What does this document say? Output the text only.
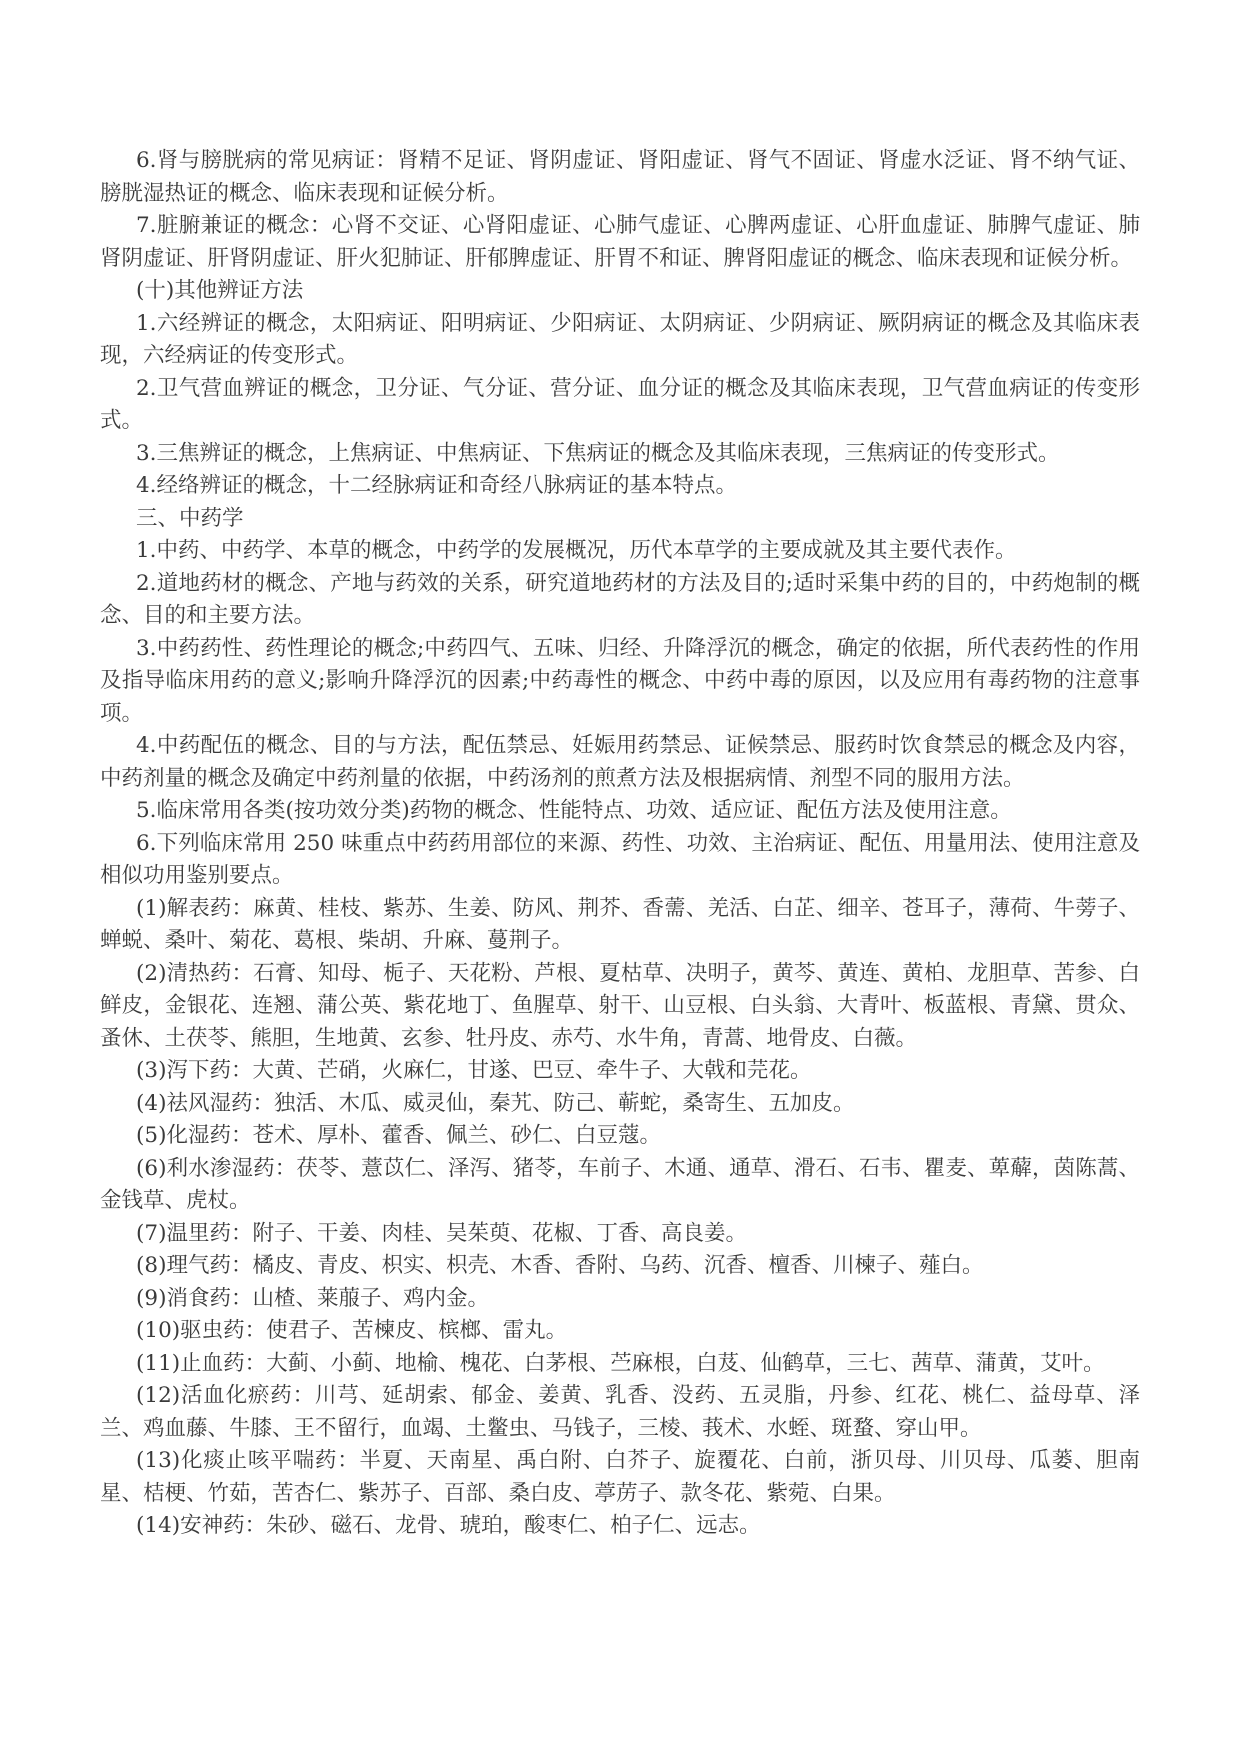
6.肾与膀胱病的常见病证：肾精不足证、肾阴虚证、肾阳虚证、肾气不固证、肾虚水泛证、肾不纳气证、膀胱湿热证的概念、临床表现和证候分析。

7.脏腑兼证的概念：心肾不交证、心肾阳虚证、心肺气虚证、心脾两虚证、心肝血虚证、肺脾气虚证、肺肾阴虚证、肝肾阴虚证、肝火犯肺证、肝郁脾虚证、肝胃不和证、脾肾阳虚证的概念、临床表现和证候分析。

(十)其他辨证方法

1.六经辨证的概念，太阳病证、阳明病证、少阳病证、太阴病证、少阴病证、厥阴病证的概念及其临床表现，六经病证的传变形式。

2.卫气营血辨证的概念，卫分证、气分证、营分证、血分证的概念及其临床表现，卫气营血病证的传变形式。

3.三焦辨证的概念，上焦病证、中焦病证、下焦病证的概念及其临床表现，三焦病证的传变形式。

4.经络辨证的概念，十二经脉病证和奇经八脉病证的基本特点。

三、中药学

1.中药、中药学、本草的概念，中药学的发展概况，历代本草学的主要成就及其主要代表作。

2.道地药材的概念、产地与药效的关系，研究道地药材的方法及目的;适时采集中药的目的，中药炮制的概念、目的和主要方法。

3.中药药性、药性理论的概念;中药四气、五味、归经、升降浮沉的概念，确定的依据，所代表药性的作用及指导临床用药的意义;影响升降浮沉的因素;中药毒性的概念、中药中毒的原因，以及应用有毒药物的注意事项。

4.中药配伍的概念、目的与方法，配伍禁忌、妊娠用药禁忌、证候禁忌、服药时饮食禁忌的概念及内容，中药剂量的概念及确定中药剂量的依据，中药汤剂的煎煮方法及根据病情、剂型不同的服用方法。

5.临床常用各类(按功效分类)药物的概念、性能特点、功效、适应证、配伍方法及使用注意。

6.下列临床常用 250 味重点中药药用部位的来源、药性、功效、主治病证、配伍、用量用法、使用注意及相似功用鉴别要点。

(1)解表药：麻黄、桂枝、紫苏、生姜、防风、荆芥、香薷、羌活、白芷、细辛、苍耳子，薄荷、牛蒡子、蝉蜕、桑叶、菊花、葛根、柴胡、升麻、蔓荆子。

(2)清热药：石膏、知母、栀子、天花粉、芦根、夏枯草、决明子，黄芩、黄连、黄柏、龙胆草、苦参、白鲜皮，金银花、连翘、蒲公英、紫花地丁、鱼腥草、射干、山豆根、白头翁、大青叶、板蓝根、青黛、贯众、蚤休、土茯苓、熊胆，生地黄、玄参、牡丹皮、赤芍、水牛角，青蒿、地骨皮、白薇。

(3)泻下药：大黄、芒硝，火麻仁，甘遂、巴豆、牵牛子、大戟和芫花。

(4)祛风湿药：独活、木瓜、威灵仙，秦艽、防己、蕲蛇，桑寄生、五加皮。

(5)化湿药：苍术、厚朴、藿香、佩兰、砂仁、白豆蔻。

(6)利水渗湿药：茯苓、薏苡仁、泽泻、猪苓，车前子、木通、通草、滑石、石韦、瞿麦、萆薢，茵陈蒿、金钱草、虎杖。

(7)温里药：附子、干姜、肉桂、吴茱萸、花椒、丁香、高良姜。

(8)理气药：橘皮、青皮、枳实、枳壳、木香、香附、乌药、沉香、檀香、川楝子、薤白。

(9)消食药：山楂、莱菔子、鸡内金。

(10)驱虫药：使君子、苦楝皮、槟榔、雷丸。

(11)止血药：大蓟、小蓟、地榆、槐花、白茅根、苎麻根，白芨、仙鹤草，三七、茜草、蒲黄，艾叶。

(12)活血化瘀药：川芎、延胡索、郁金、姜黄、乳香、没药、五灵脂，丹参、红花、桃仁、益母草、泽兰、鸡血藤、牛膝、王不留行，血竭、土鳖虫、马钱子，三棱、莪术、水蛭、斑蝥、穿山甲。

(13)化痰止咳平喘药：半夏、天南星、禹白附、白芥子、旋覆花、白前，浙贝母、川贝母、瓜蒌、胆南星、桔梗、竹茹，苦杏仁、紫苏子、百部、桑白皮、葶苈子、款冬花、紫菀、白果。

(14)安神药：朱砂、磁石、龙骨、琥珀，酸枣仁、柏子仁、远志。
